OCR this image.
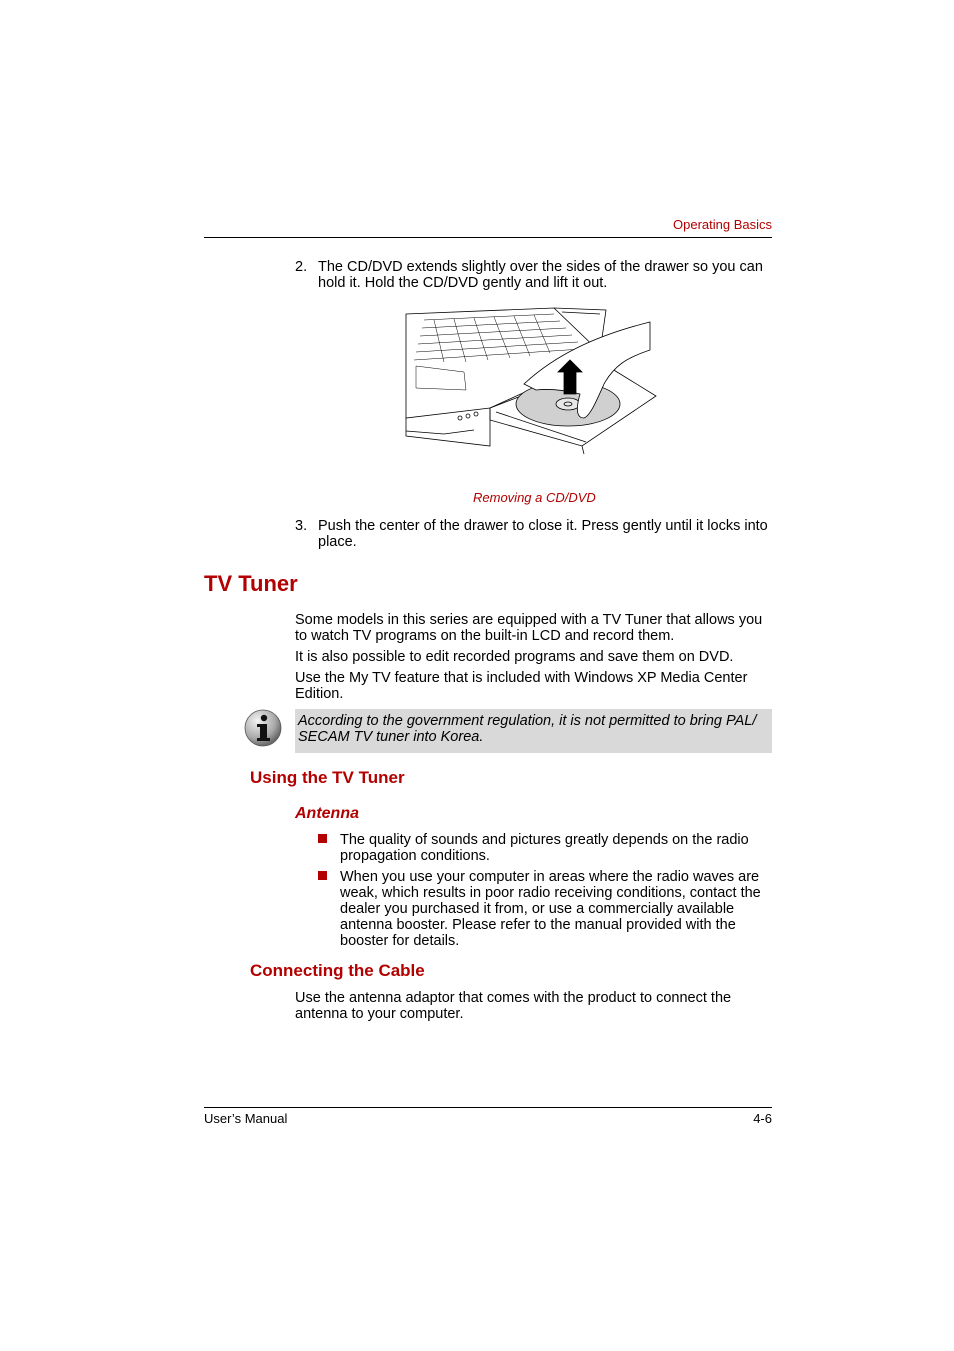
Operating Basics
2. The CD/DVD extends slightly over the sides of the drawer so you can hold it. Hold the CD/DVD gently and lift it out.
Removing a CD/DVD
3. Push the center of the drawer to close it. Press gently until it locks into place.
TV Tuner
Some models in this series are equipped with a TV Tuner that allows you to watch TV programs on the built-in LCD and record them.
It is also possible to edit recorded programs and save them on DVD.
Use the My TV feature that is included with Windows XP Media Center Edition.
According to the government regulation, it is not permitted to bring PAL/ SECAM TV tuner into Korea.
Using the TV Tuner
Antenna
The quality of sounds and pictures greatly depends on the radio propagation conditions.
When you use your computer in areas where the radio waves are weak, which results in poor radio receiving conditions, contact the dealer you purchased it from, or use a commercially available antenna booster. Please refer to the manual provided with the booster for details.
Connecting the Cable
Use the antenna adaptor that comes with the product to connect the antenna to your computer.
User’s Manual	4-6
